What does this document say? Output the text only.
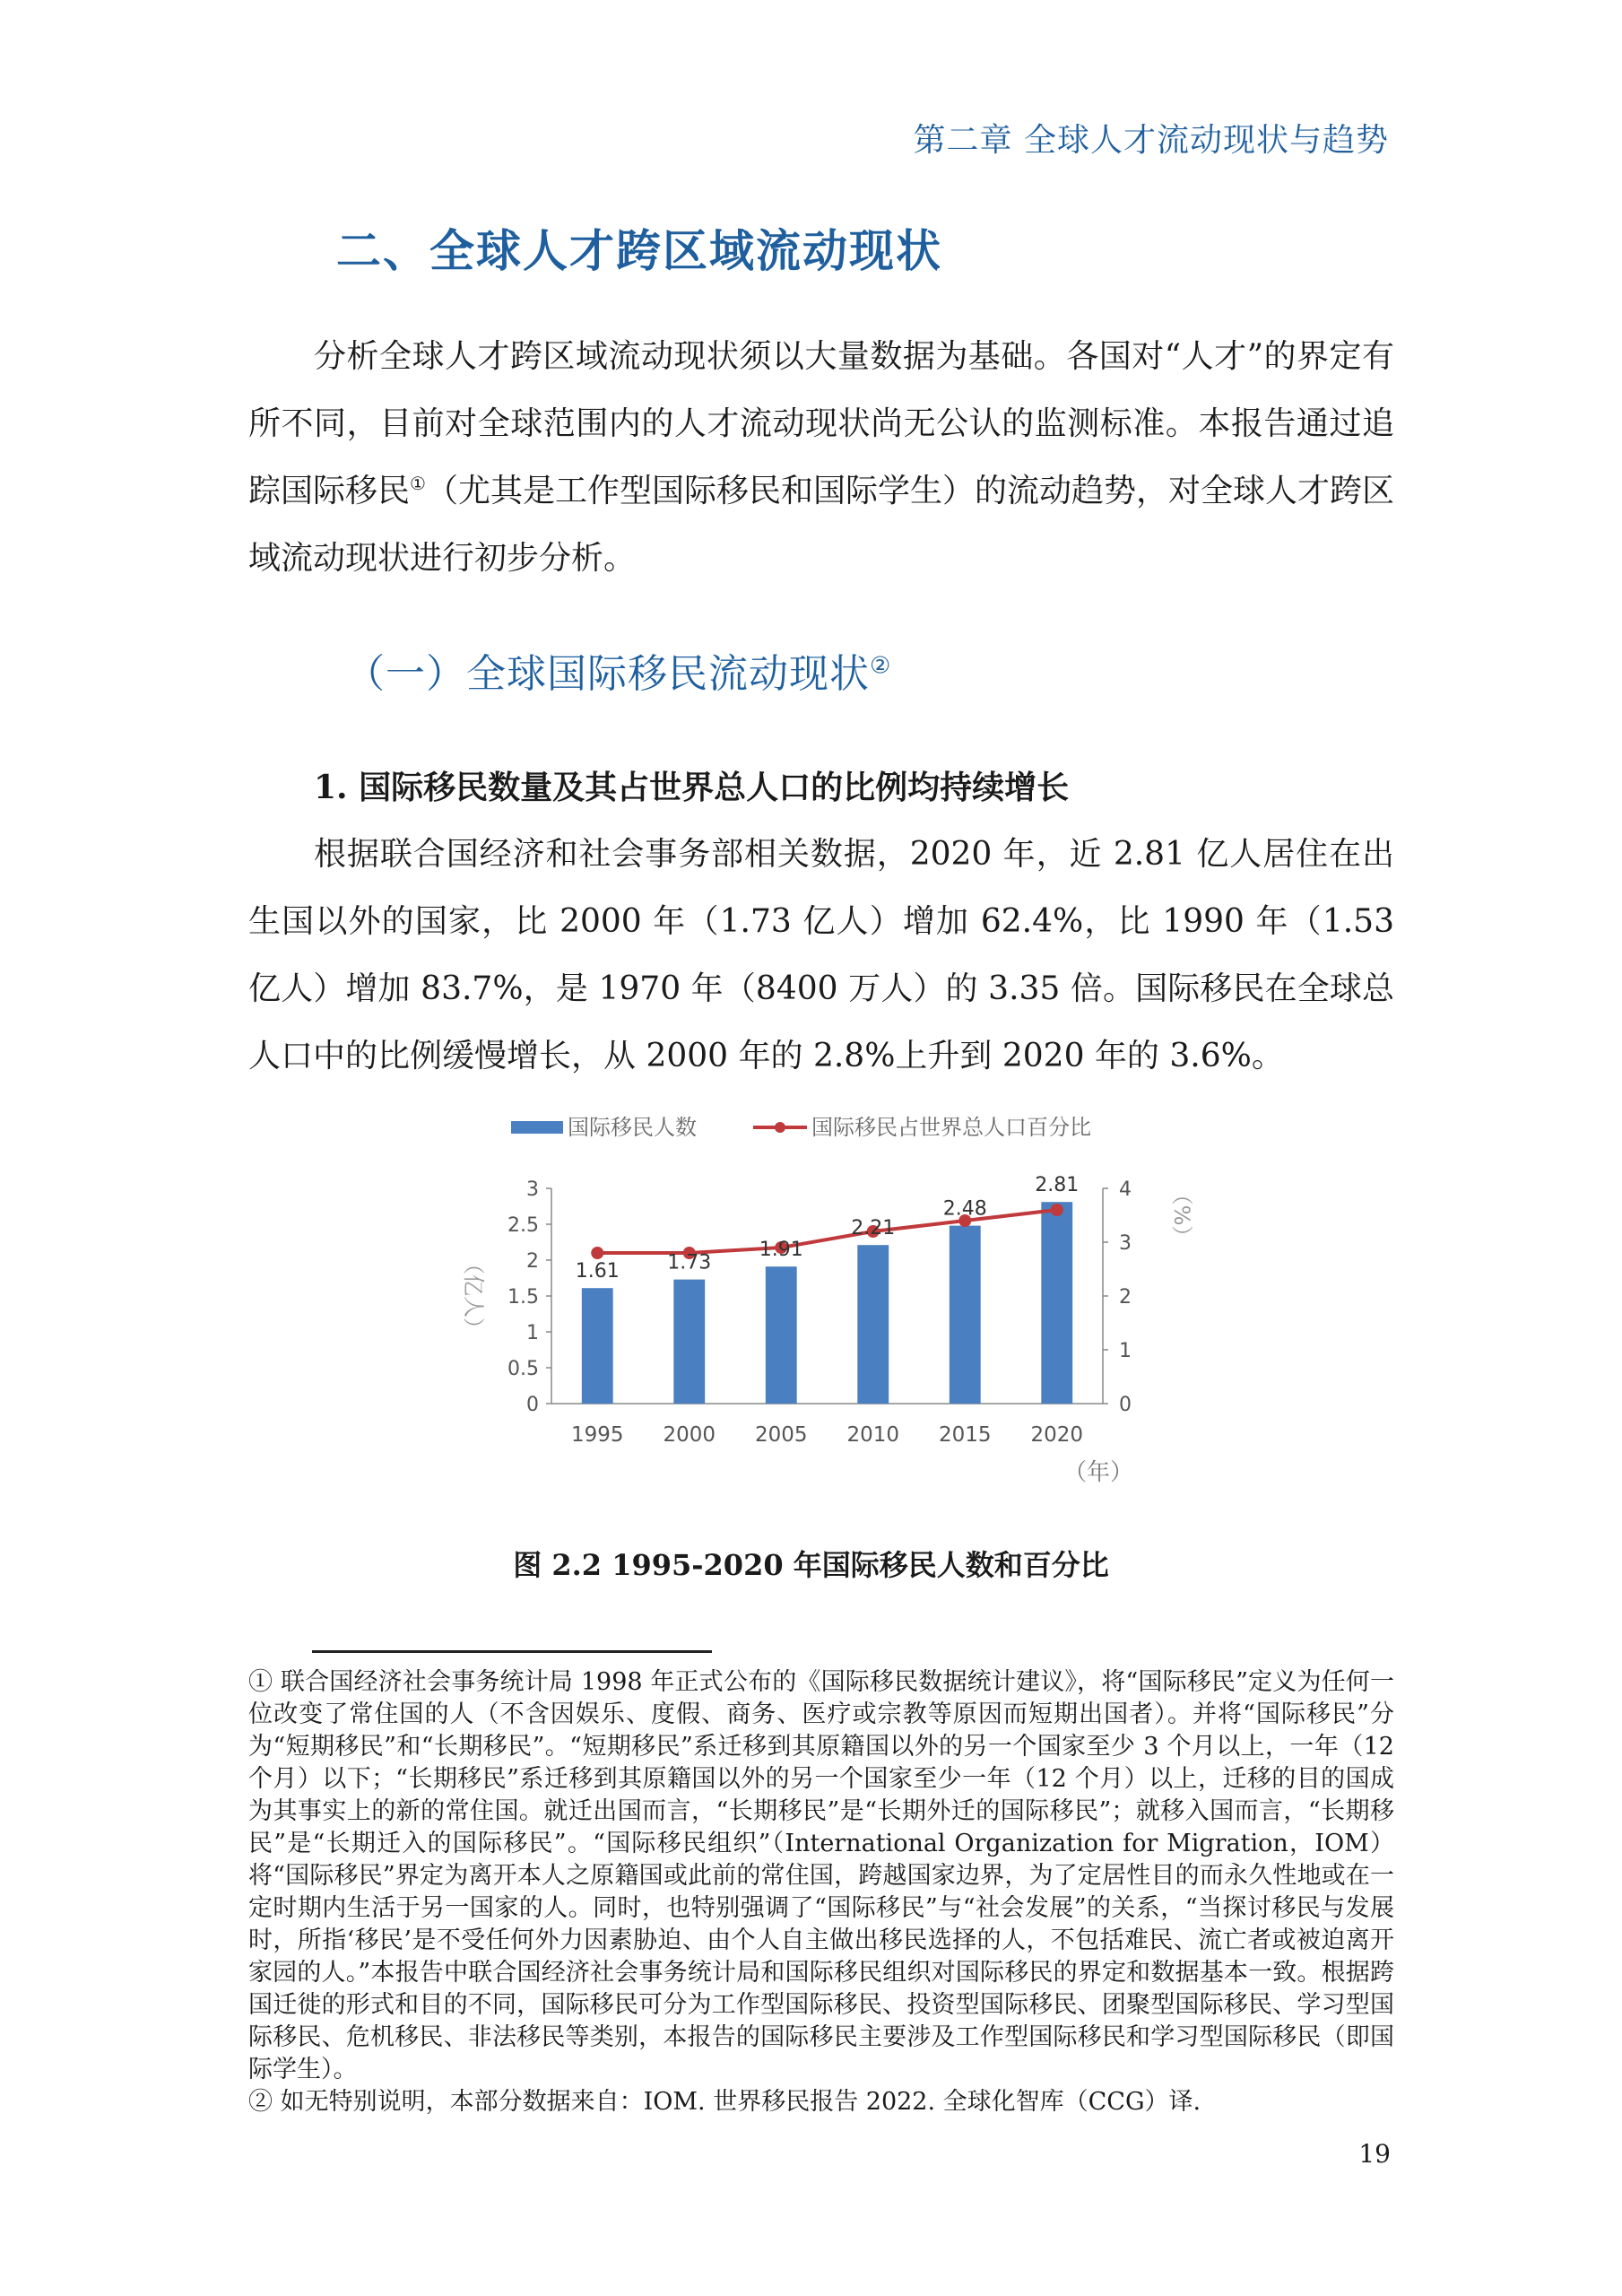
第二章 全球人才流动现状与趋势
二、全球人才跨区域流动现状

分析全球人才跨区域流动现状须以大量数据为基础。各国对“人才”的界定有所不同，目前对全球范围内的人才流动现状尚无公认的监测标准。本报告通过追踪国际移民①（尤其是工作型国际移民和国际学生）的流动趋势，对全球人才跨区域流动现状进行初步分析。

（一）全球国际移民流动现状②
1. 国际移民数量及其占世界总人口的比例均持续增长

根据联合国经济和社会事务部相关数据，2020 年，近 2.81 亿人居住在出生国以外的国家，比 2000 年（1.73 亿人）增加 62.4%，比 1990 年（1.53 亿人）增加 83.7%，是 1970 年（8400 万人）的 3.35 倍。国际移民在全球总人口中的比例缓慢增长，从 2000 年的 2.8%上升到 2020 年的 3.6%。

国际移民人数	国际移民占世界总人口百分比
0
0.5
1
1.5
2
2.5
3
0
1
2
3
4
（亿人）
（%）
1.61 1.73
1.91
2.21
2.48
2.81
1995 2000 2005 2010 2015 2020
（年）
图 2.2 1995-2020 年国际移民人数和百分比

① 联合国经济社会事务统计局 1998 年正式公布的《国际移民数据统计建议》，将“国际移民”定义为任何一位改变了常住国的人（不含因娱乐、度假、商务、医疗或宗教等原因而短期出国者）。并将“国际移民”分为“短期移民”和“长期移民”。“短期移民”系迁移到其原籍国以外的另一个国家至少 3 个月以上，一年（12 个月）以下；“长期移民”系迁移到其原籍国以外的另一个国家至少一年（12 个月）以上，迁移的目的国成为其事实上的新的常住国。就迁出国而言，“长期移民”是“长期外迁的国际移民”；就移入国而言，“长期移民”是“长期迁入的国际移民”。“国际移民组织”（International Organization for Migration，IOM）将“国际移民”界定为离开本人之原籍国或此前的常住国，跨越国家边界，为了定居性目的而永久性地或在一定时期内生活于另一国家的人。同时，也特别强调了“国际移民”与“社会发展”的关系，“当探讨移民与发展时，所指‘移民’是不受任何外力因素胁迫、由个人自主做出移民选择的人，不包括难民、流亡者或被迫离开家园的人。”本报告中联合国经济社会事务统计局和国际移民组织对国际移民的界定和数据基本一致。根据跨国迁徙的形式和目的不同，国际移民可分为工作型国际移民、投资型国际移民、团聚型国际移民、学习型国际移民、危机移民、非法移民等类别，本报告的国际移民主要涉及工作型国际移民和学习型国际移民（即国际学生）。

② 如无特别说明，本部分数据来自：IOM. 世界移民报告 2022. 全球化智库（CCG）译.

19
